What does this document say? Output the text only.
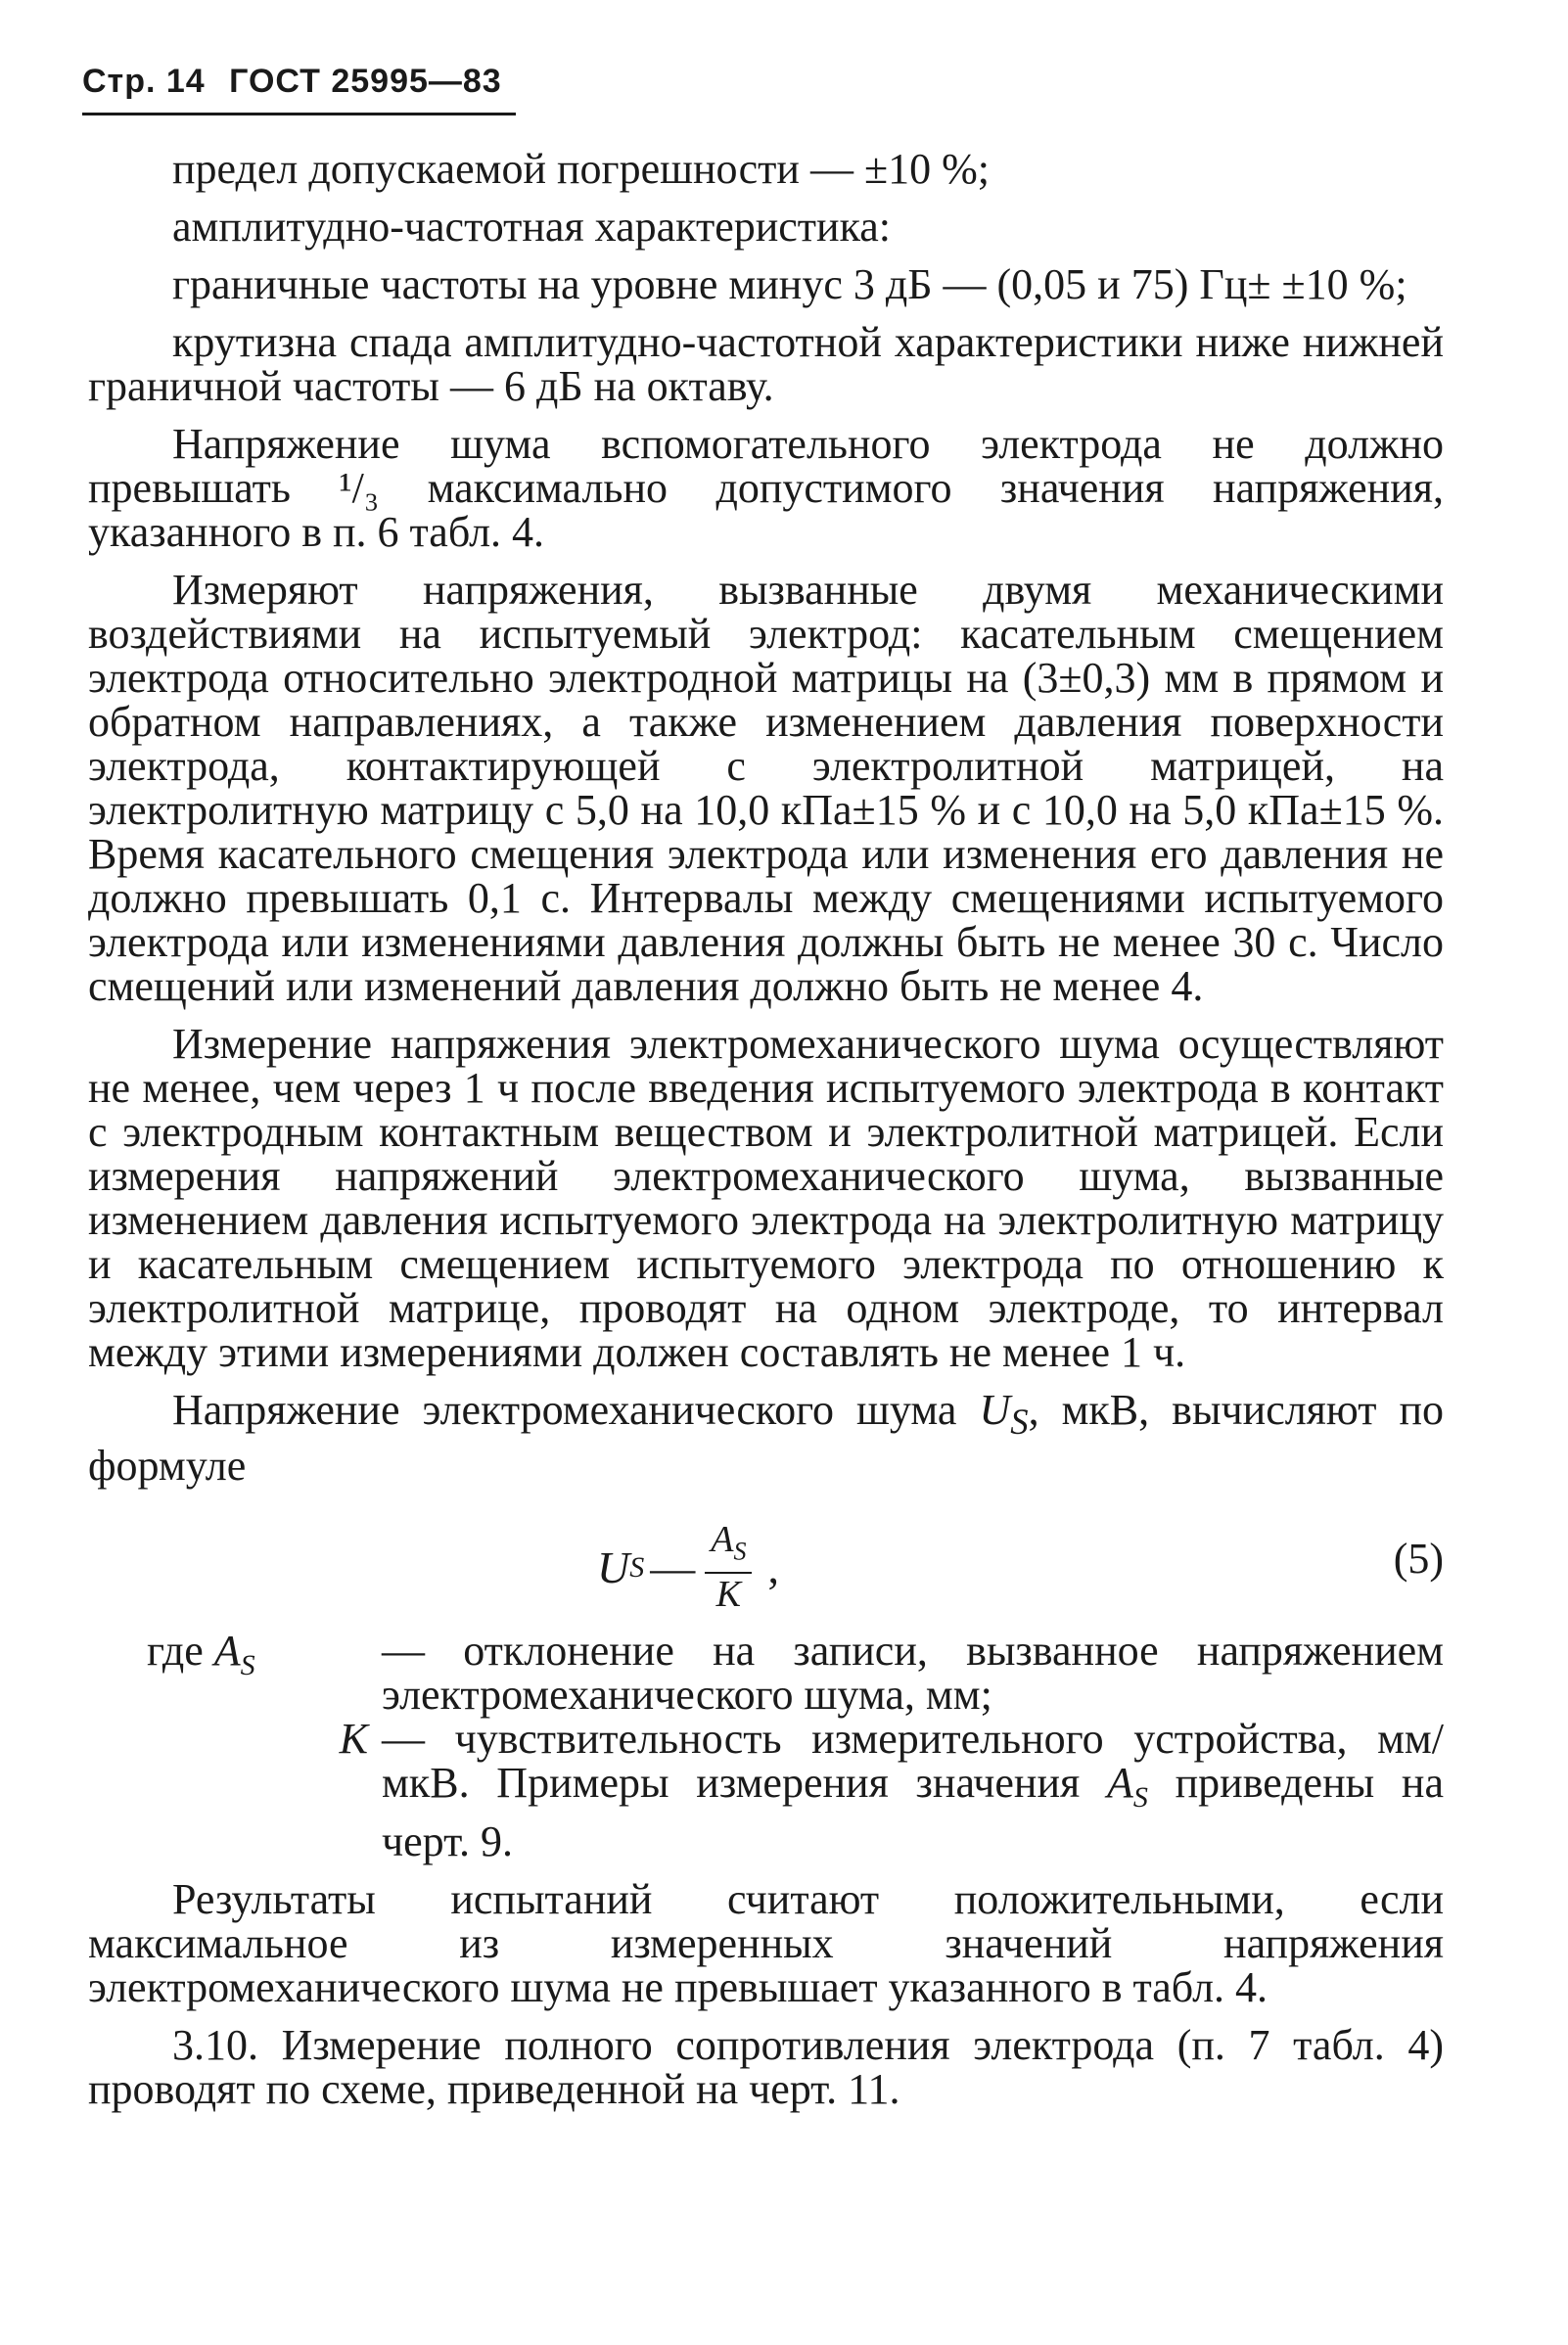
Стр. 14 ГОСТ 25995—83

предел допускаемой погрешности — ±10 %;

амплитудно-частотная характеристика:

граничные частоты на уровне минус 3 дБ — (0,05 и 75) Гц± ±10 %;

крутизна спада амплитудно-частотной характеристики ниже нижней граничной частоты — 6 дБ на октаву.

Напряжение шума вспомогательного электрода не должно превышать ¹/₃ максимально допустимого значения напряжения, указанного в п. 6 табл. 4.

Измеряют напряжения, вызванные двумя механическими воздействиями на испытуемый электрод: касательным смещением электрода относительно электродной матрицы на (3±0,3) мм в прямом и обратном направлениях, а также изменением давления поверхности электрода, контактирующей с электролитной матрицей, на электролитную матрицу с 5,0 на 10,0 кПа±15 % и с 10,0 на 5,0 кПа±15 %. Время касательного смещения электрода или изменения его давления не должно превышать 0,1 с. Интервалы между смещениями испытуемого электрода или изменениями давления должны быть не менее 30 с. Число смещений или изменений давления должно быть не менее 4.

Измерение напряжения электромеханического шума осуществляют не менее, чем через 1 ч после введения испытуемого электрода в контакт с электродным контактным веществом и электролитной матрицей. Если измерения напряжений электромеханического шума, вызванные изменением давления испытуемого электрода на электролитную матрицу и касательным смещением испытуемого электрода по отношению к электролитной матрице, проводят на одном электроде, то интервал между этими измерениями должен составлять не менее 1 ч.

Напряжение электромеханического шума $U_S$, мкВ, вычисляют по формуле

U S — $\frac{A_S}{K}$ ,	(5)
где $A_S$	— отклонение на записи, вызванное напряжением электромеханического шума, мм;
K — чувствительность измерительного устройства, мм/мкВ. Примеры измерения значения $A_S$ приведены на черт. 9.

Результаты испытаний считают положительными, если максимальное из измеренных значений напряжения электромеханического шума не превышает указанного в табл. 4.

3.10. Измерение полного сопротивления электрода (п. 7 табл. 4) проводят по схеме, приведенной на черт. 11.
